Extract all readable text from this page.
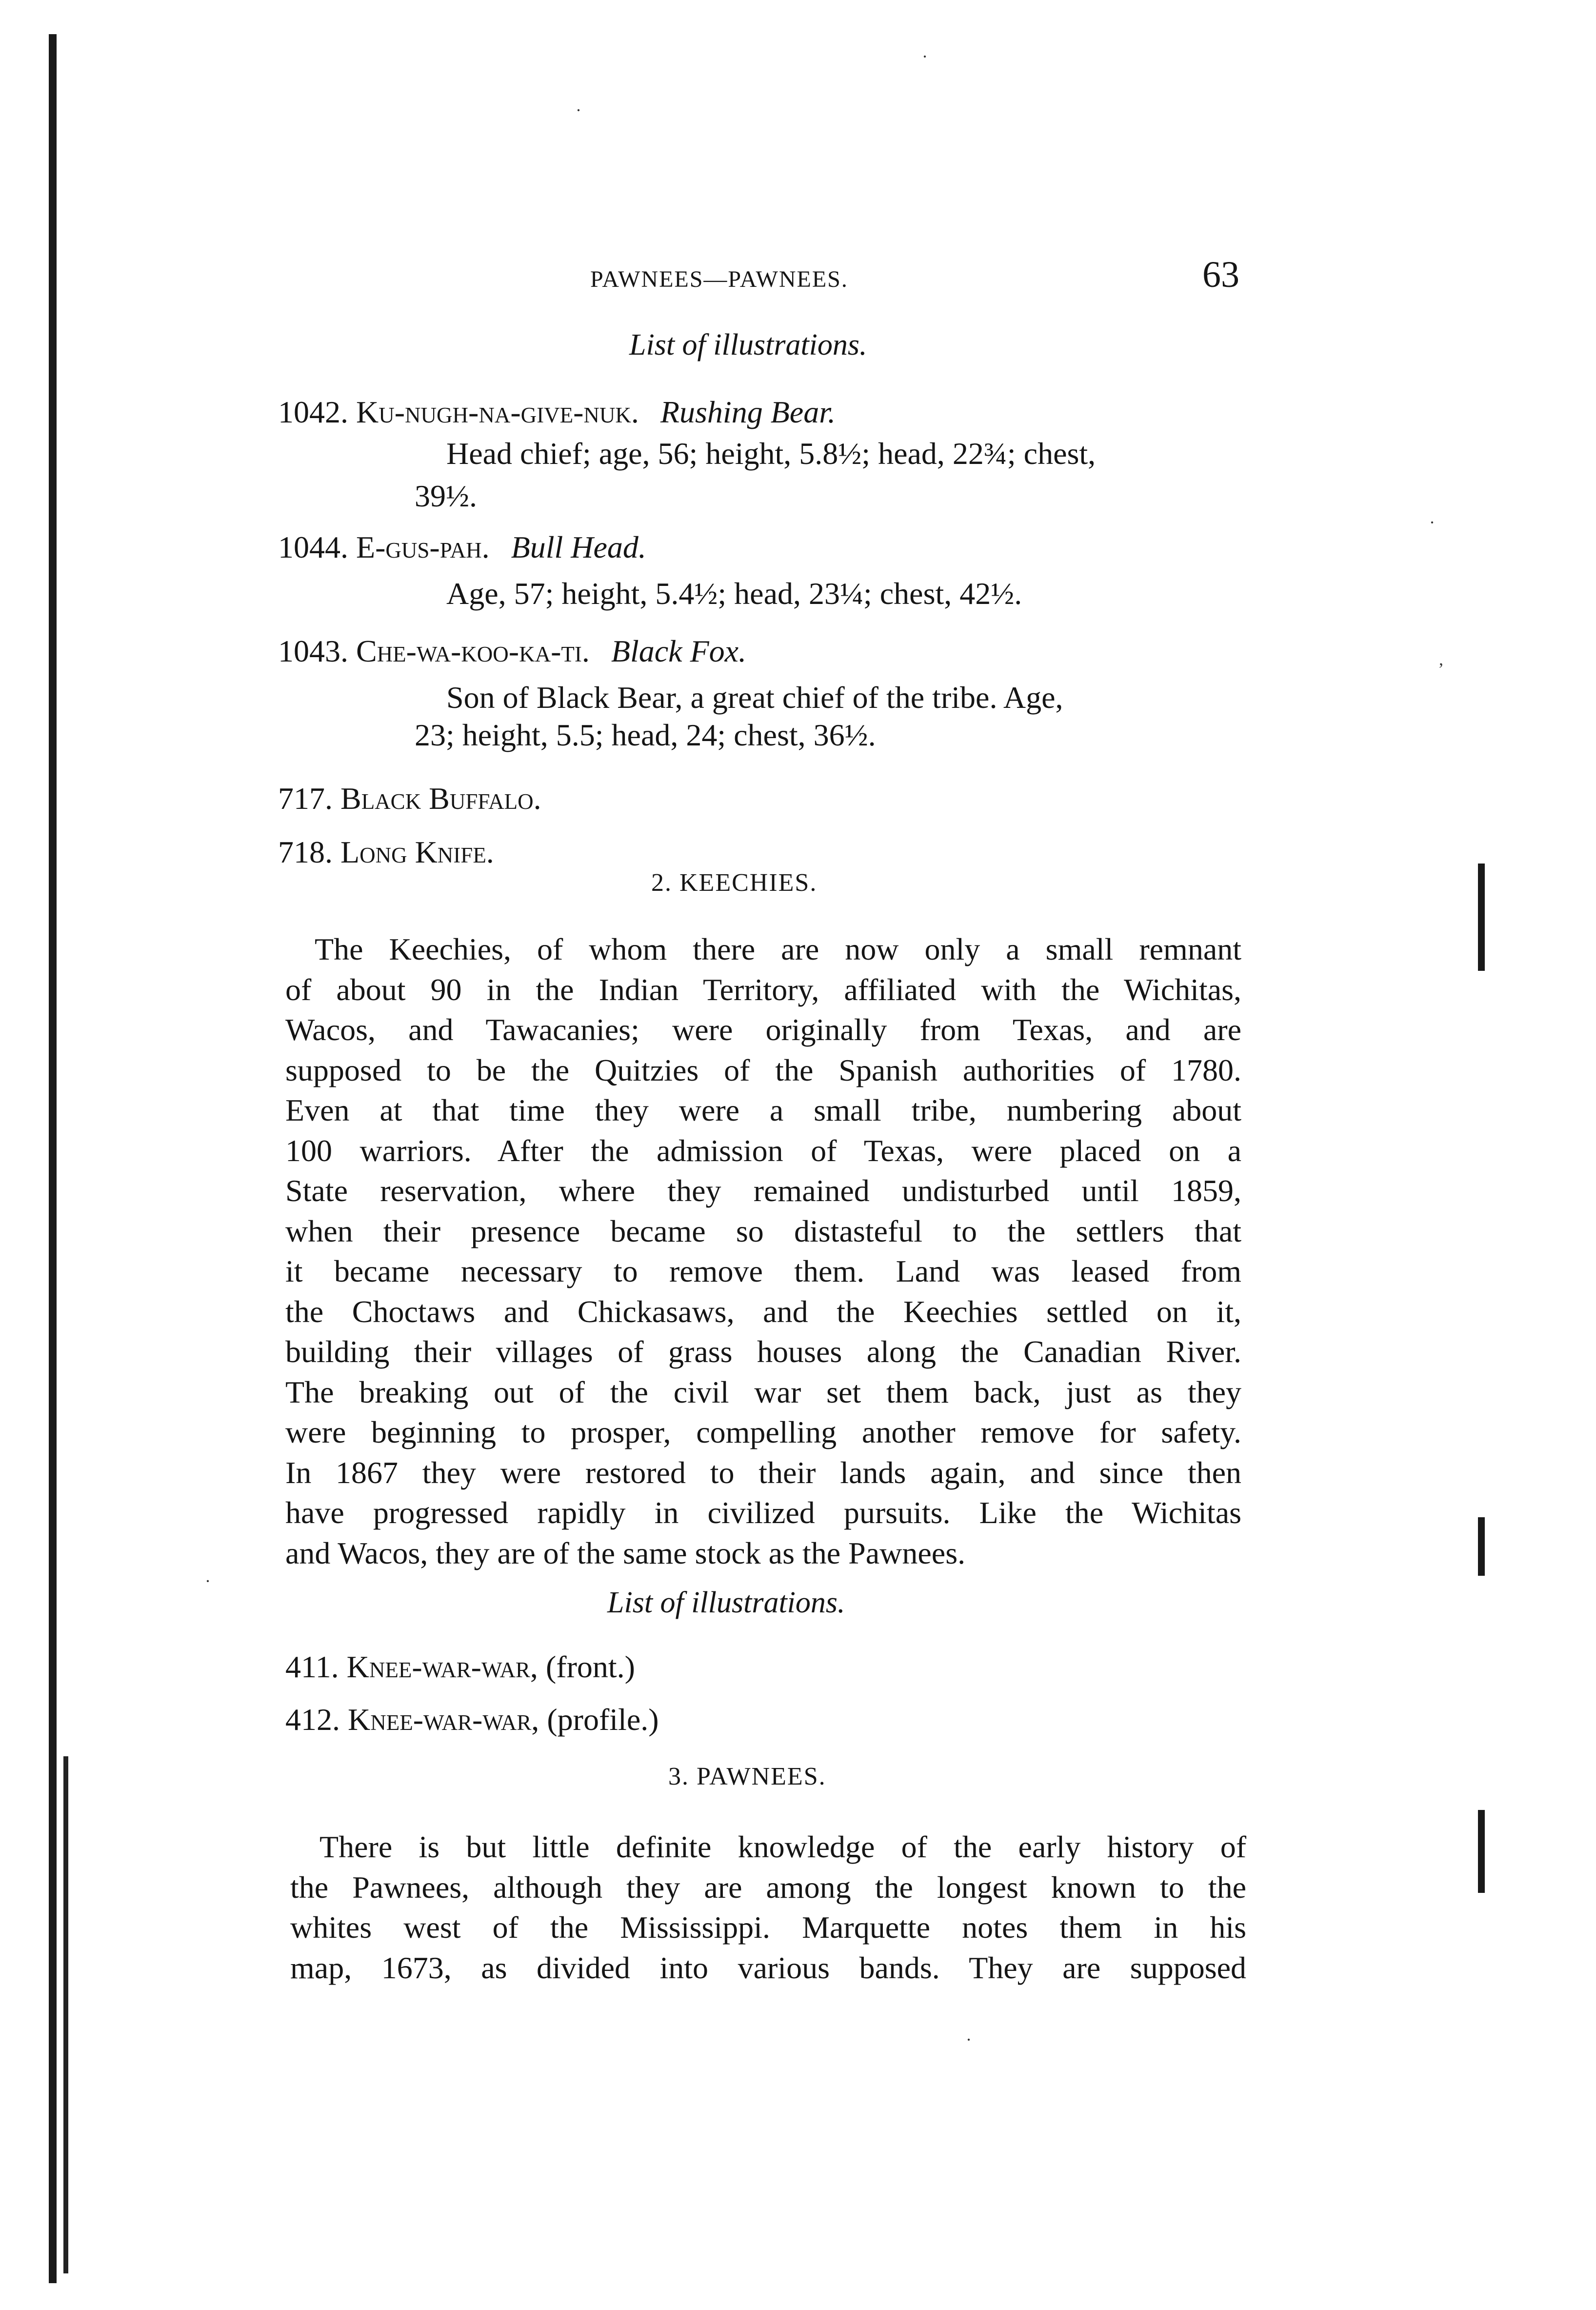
·
·
·
,
·
·
PAWNEES—PAWNEES.	63
List of illustrations.
1042. Ku-nugh-na-give-nuk. Rushing Bear.
Head chief; age, 56; height, 5.8½; head, 22¾; chest,
39½.
1044. E-gus-pah. Bull Head.
Age, 57; height, 5.4½; head, 23¼; chest, 42½.
1043. Che-wa-koo-ka-ti. Black Fox.
Son of Black Bear, a great chief of the tribe. Age,
23; height, 5.5; head, 24; chest, 36½.
717. Black Buffalo.
718. Long Knife.
2. KEECHIES.

The Keechies, of whom there are now only a small remnant

of about 90 in the Indian Territory, affiliated with the Wichitas,

Wacos, and Tawacanies; were originally from Texas, and are

supposed to be the Quitzies of the Spanish authorities of 1780.

Even at that time they were a small tribe, numbering about

100 warriors. After the admission of Texas, were placed on a

State reservation, where they remained undisturbed until 1859,

when their presence became so distasteful to the settlers that

it became necessary to remove them. Land was leased from

the Choctaws and Chickasaws, and the Keechies settled on it,

building their villages of grass houses along the Canadian River.

The breaking out of the civil war set them back, just as they

were beginning to prosper, compelling another remove for safety.

In 1867 they were restored to their lands again, and since then

have progressed rapidly in civilized pursuits. Like the Wichitas

and Wacos, they are of the same stock as the Pawnees.

List of illustrations.
411. Knee-war-war, (front.)
412. Knee-war-war, (profile.)
3. PAWNEES.

There is but little definite knowledge of the early history of

the Pawnees, although they are among the longest known to the

whites west of the Mississippi. Marquette notes them in his

map, 1673, as divided into various bands. They are supposed
